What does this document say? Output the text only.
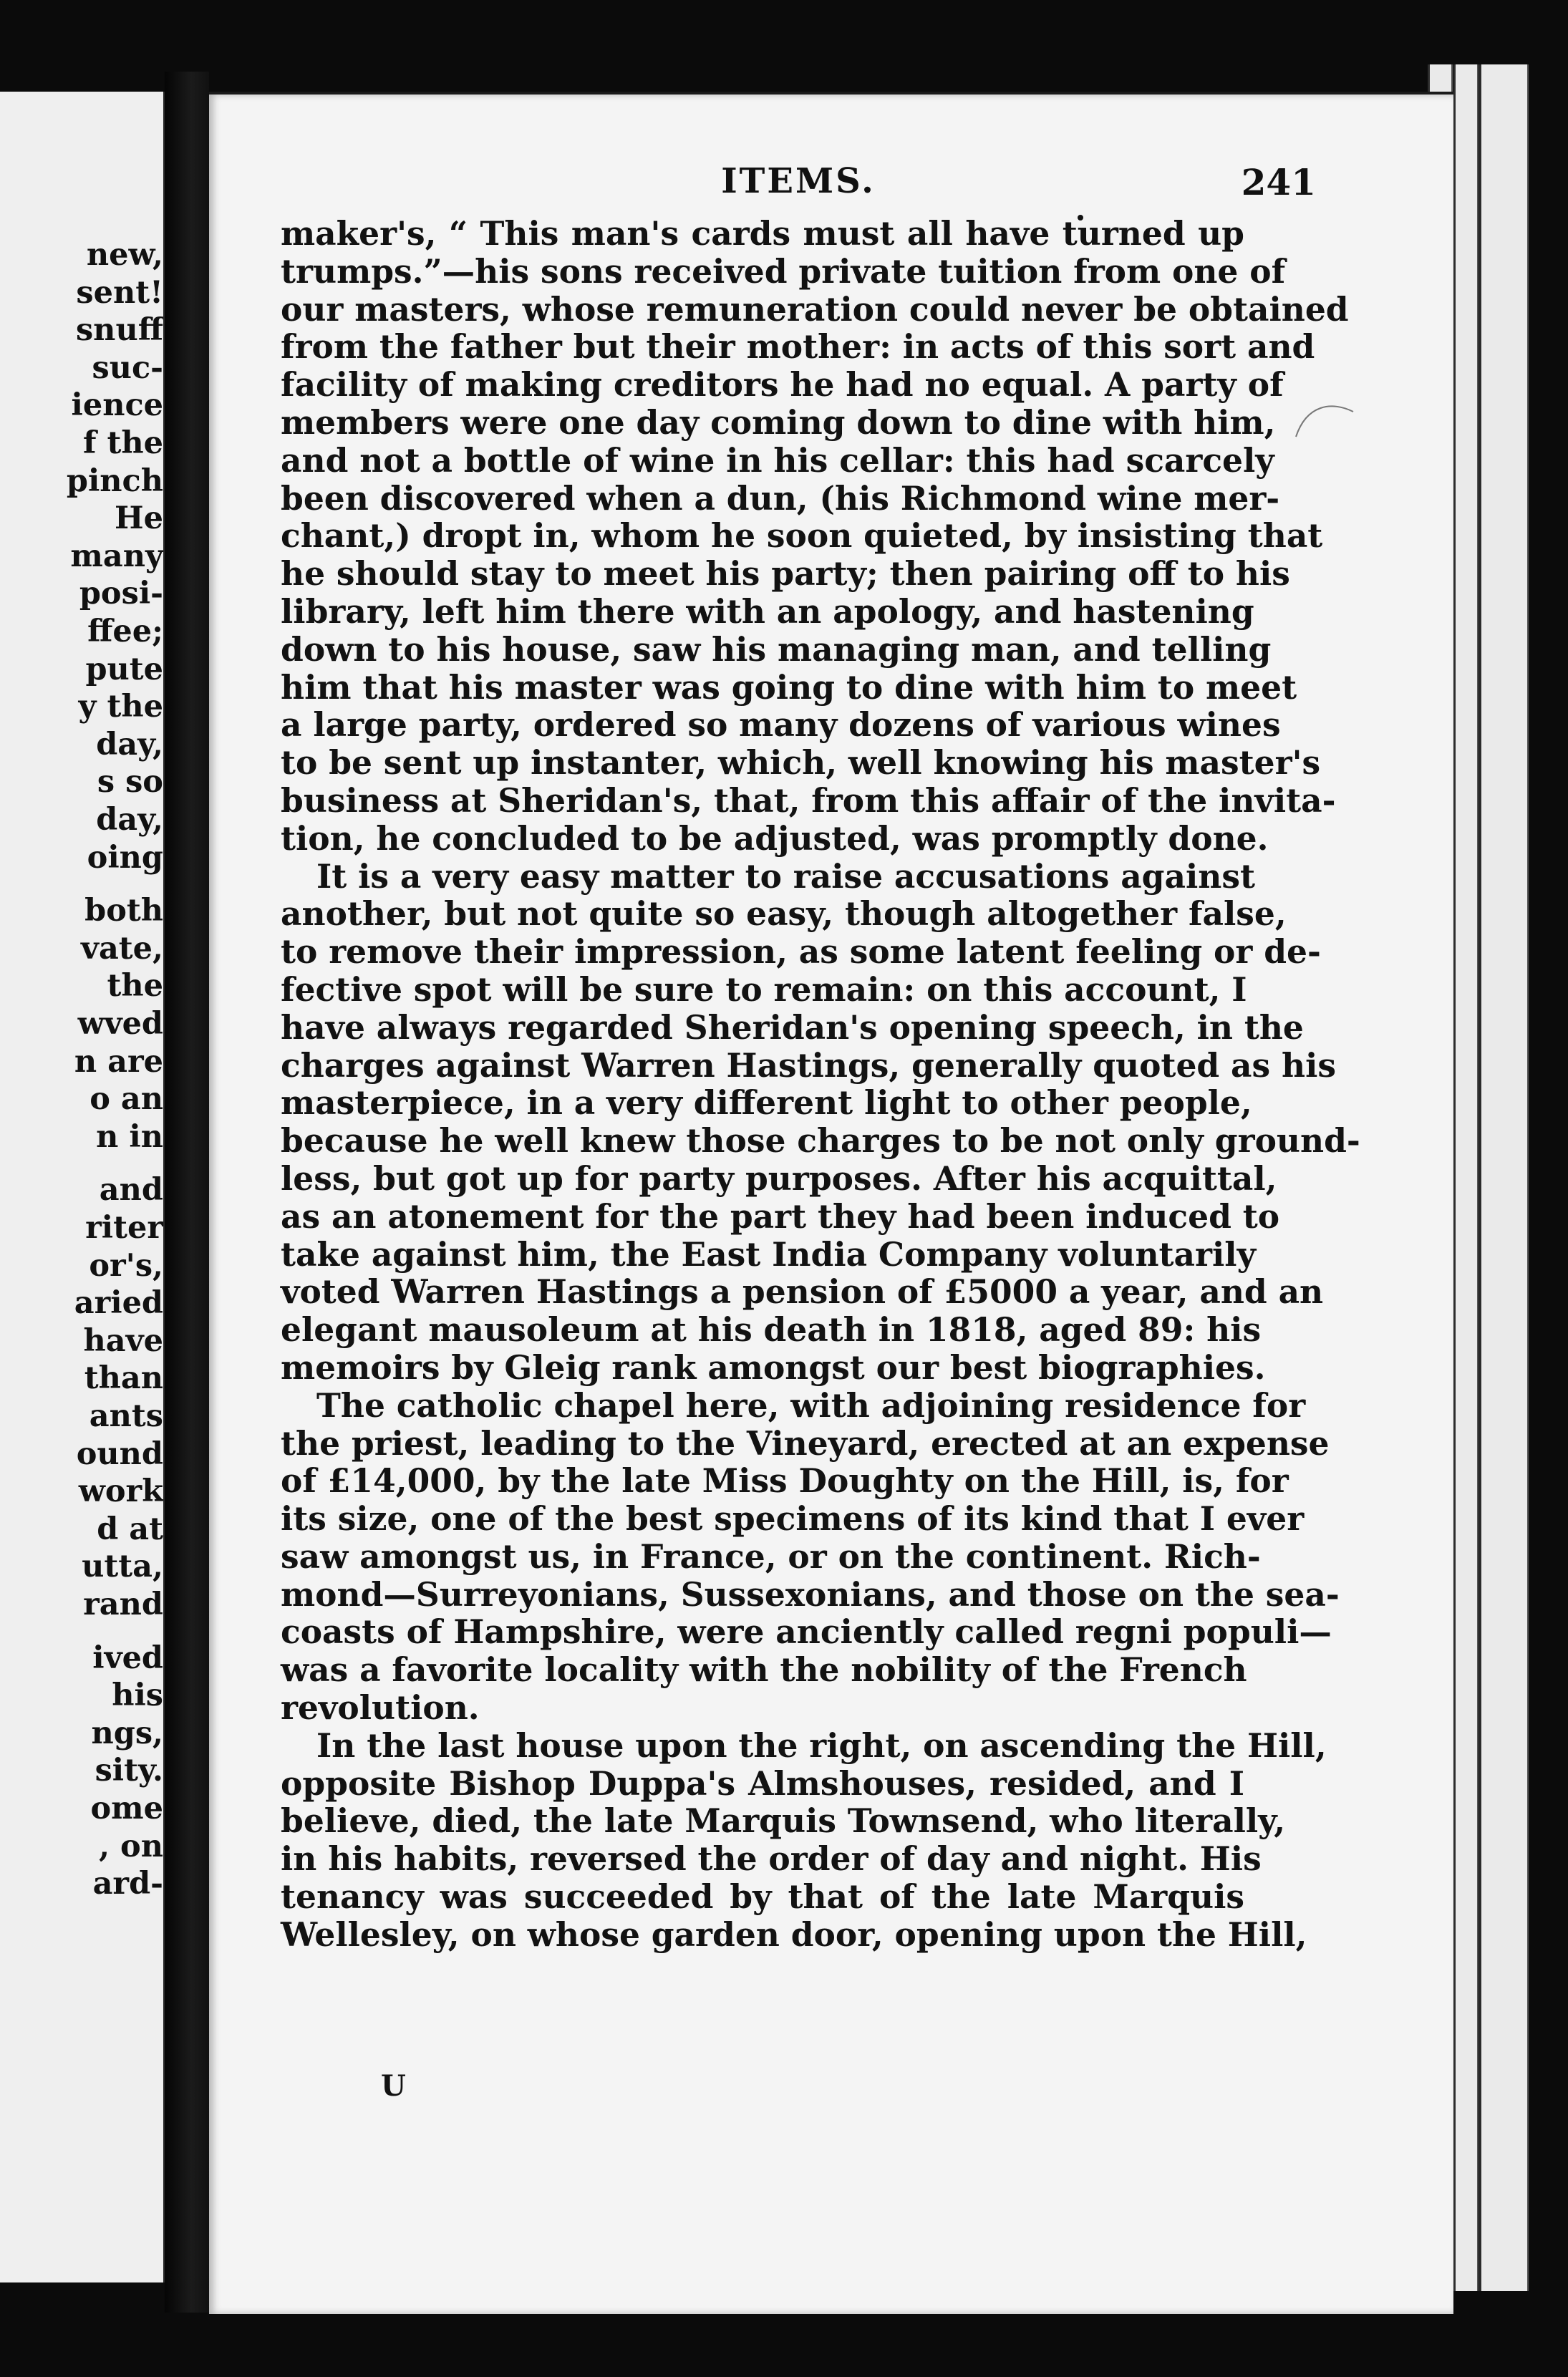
new,
sent!
snuff
suc-
ience
f the
pinch
He
many
posi-
ffee;
pute
y the
day,
s so
day,
oing
both
vate,
the
wved
n are
o an
n in
and
riter
or's,
aried
have
than
ants
ound
work
d at
utta,
rand
ived
his
ngs,
sity.
ome
, on
ard-
ITEMS.	241
maker's, “ This man's cards must all have turned up
trumps.”—his sons received private tuition from one of
our masters, whose remuneration could never be obtained
from the father but their mother: in acts of this sort and
facility of making creditors he had no equal. A party of
members were one day coming down to dine with him,
and not a bottle of wine in his cellar: this had scarcely
been discovered when a dun, (his Richmond wine mer-
chant,) dropt in, whom he soon quieted, by insisting that
he should stay to meet his party; then pairing off to his
library, left him there with an apology, and hastening
down to his house, saw his managing man, and telling
him that his master was going to dine with him to meet
a large party, ordered so many dozens of various wines
to be sent up instanter, which, well knowing his master's
business at Sheridan's, that, from this affair of the invita-
tion, he concluded to be adjusted, was promptly done.
It is a very easy matter to raise accusations against
another, but not quite so easy, though altogether false,
to remove their impression, as some latent feeling or de-
fective spot will be sure to remain: on this account, I
have always regarded Sheridan's opening speech, in the
charges against Warren Hastings, generally quoted as his
masterpiece, in a very different light to other people,
because he well knew those charges to be not only ground-
less, but got up for party purposes. After his acquittal,
as an atonement for the part they had been induced to
take against him, the East India Company voluntarily
voted Warren Hastings a pension of £5000 a year, and an
elegant mausoleum at his death in 1818, aged 89: his
memoirs by Gleig rank amongst our best biographies.
The catholic chapel here, with adjoining residence for
the priest, leading to the Vineyard, erected at an expense
of £14,000, by the late Miss Doughty on the Hill, is, for
its size, one of the best specimens of its kind that I ever
saw amongst us, in France, or on the continent. Rich-
mond—Surreyonians, Sussexonians, and those on the sea-
coasts of Hampshire, were anciently called regni populi—
was a favorite locality with the nobility of the French
revolution.
In the last house upon the right, on ascending the Hill,
opposite Bishop Duppa's Almshouses, resided, and I
believe, died, the late Marquis Townsend, who literally,
in his habits, reversed the order of day and night. His
tenancy was succeeded by that of the late Marquis
Wellesley, on whose garden door, opening upon the Hill,
U
